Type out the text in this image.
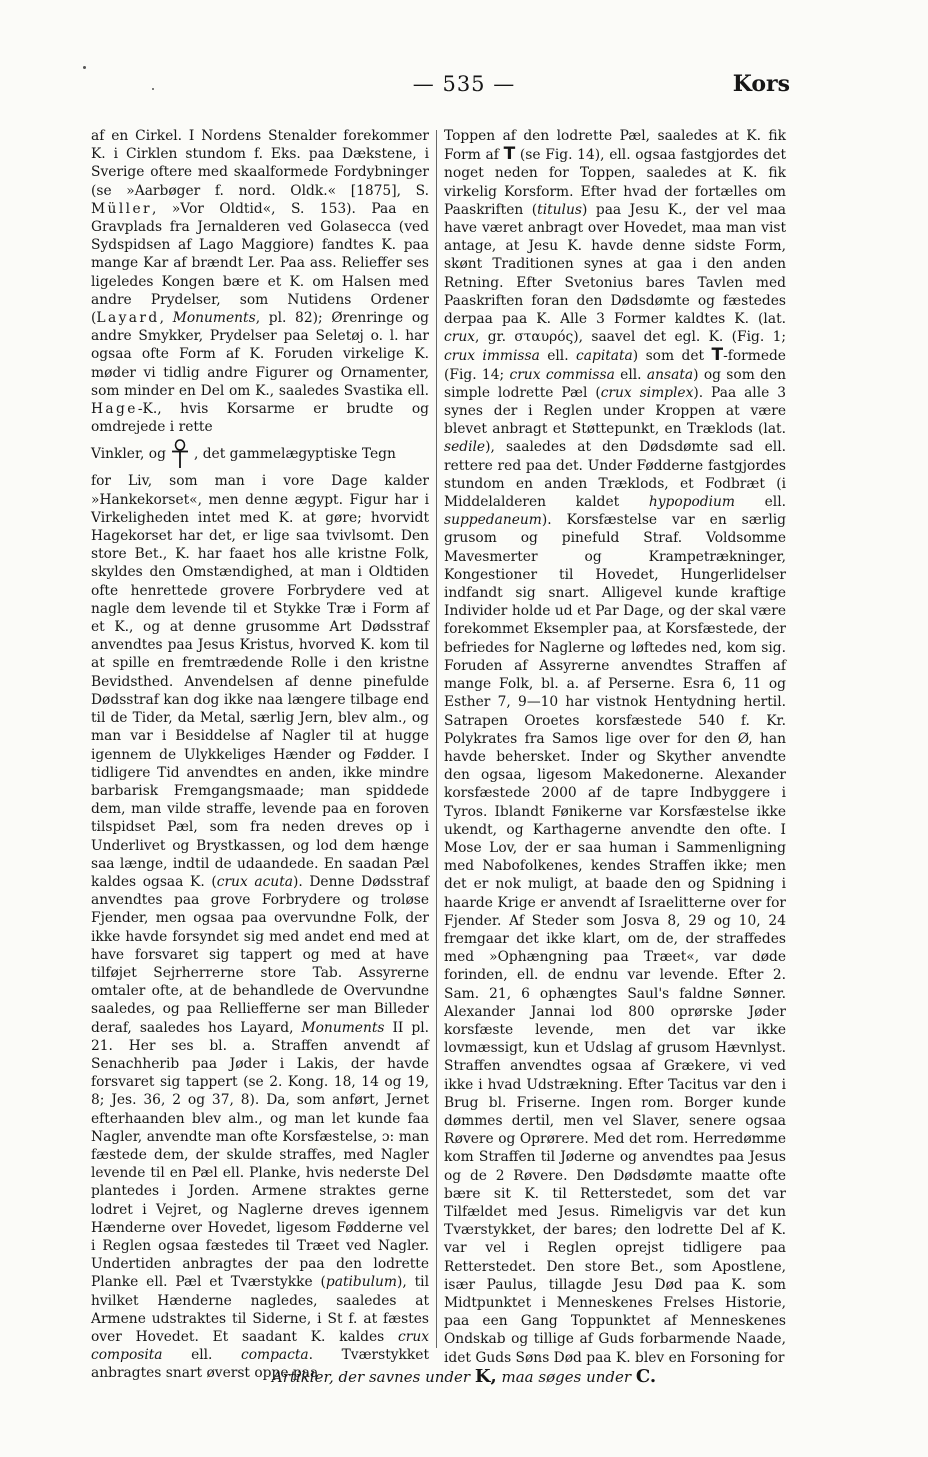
— 535 —	Kors

af en Cirkel. I Nordens Stenalder forekommer K. i Cirklen stundom f. Eks. paa Dækstene, i Sverige oftere med skaalformede Fordybninger (se »Aarbøger f. nord. Oldk.« [1875], S. Müller, »Vor Oldtid«, S. 153). Paa en Gravplads fra Jernalderen ved Golasecca (ved Sydspidsen af Lago Maggiore) fandtes K. paa mange Kar af brændt Ler. Paa ass. Relieffer ses ligeledes Kongen bære et K. om Halsen med andre Prydelser, som Nutidens Ordener (Layard, Monuments, pl. 82); Ørenringe og andre Smykker, Prydelser paa Seletøj o. l. har ogsaa ofte Form af K. Foruden virkelige K. møder vi tidlig andre Figurer og Ornamenter, som minder en Del om K., saaledes Svastika ell. Hage-K., hvis Korsarme er brudte og omdrejede i rette

Vinkler, og , det gammelægyptiske Tegn

for Liv, som man i vore Dage kalder »Hankekorset«, men denne ægypt. Figur har i Virkeligheden intet med K. at gøre; hvorvidt Hagekorset har det, er lige saa tvivlsomt. Den store Bet., K. har faaet hos alle kristne Folk, skyldes den Omstændighed, at man i Oldtiden ofte henrettede grovere Forbrydere ved at nagle dem levende til et Stykke Træ i Form af et K., og at denne grusomme Art Dødsstraf anvendtes paa Jesus Kristus, hvorved K. kom til at spille en fremtrædende Rolle i den kristne Bevidsthed. Anvendelsen af denne pinefulde Dødsstraf kan dog ikke naa længere tilbage end til de Tider, da Metal, særlig Jern, blev alm., og man var i Besiddelse af Nagler til at hugge igennem de Ulykkeliges Hænder og Fødder. I tidligere Tid anvendtes en anden, ikke mindre barbarisk Fremgangsmaade; man spiddede dem, man vilde straffe, levende paa en foroven tilspidset Pæl, som fra neden dreves op i Underlivet og Brystkassen, og lod dem hænge saa længe, indtil de udaandede. En saadan Pæl kaldes ogsaa K. (crux acuta). Denne Dødsstraf anvendtes paa grove Forbrydere og troløse Fjender, men ogsaa paa overvundne Folk, der ikke havde forsyndet sig med andet end med at have forsvaret sig tappert og med at have tilføjet Sejrherrerne store Tab. Assyrerne omtaler ofte, at de behandlede de Overvundne saaledes, og paa Relliefferne ser man Billeder deraf, saaledes hos Layard, Monuments II pl. 21. Her ses bl. a. Straffen anvendt af Senachherib paa Jøder i Lakis, der havde forsvaret sig tappert (se 2. Kong. 18, 14 og 19, 8; Jes. 36, 2 og 37, 8). Da, som anført, Jernet efterhaanden blev alm., og man let kunde faa Nagler, anvendte man ofte Korsfæstelse, ɔ: man fæstede dem, der skulde straffes, med Nagler levende til en Pæl ell. Planke, hvis nederste Del plantedes i Jorden. Armene straktes gerne lodret i Vejret, og Naglerne dreves igennem Hænderne over Hovedet, ligesom Fødderne vel i Reglen ogsaa fæstedes til Træet ved Nagler. Undertiden anbragtes der paa den lodrette Planke ell. Pæl et Tværstykke (patibulum), til hvilket Hænderne nagledes, saaledes at Armene udstraktes til Siderne, i St f. at fæstes over Hovedet. Et saadant K. kaldes crux composita ell. compacta. Tværstykket anbragtes snart øverst oppe paa

Toppen af den lodrette Pæl, saaledes at K. fik Form af T (se Fig. 14), ell. ogsaa fastgjordes det noget neden for Toppen, saaledes at K. fik virkelig Korsform. Efter hvad der fortælles om Paaskriften (titulus) paa Jesu K., der vel maa have været anbragt over Hovedet, maa man vist antage, at Jesu K. havde denne sidste Form, skønt Traditionen synes at gaa i den anden Retning. Efter Svetonius bares Tavlen med Paaskriften foran den Dødsdømte og fæstedes derpaa paa K. Alle 3 Former kaldtes K. (lat. crux, gr. σταυρός), saavel det egl. K. (Fig. 1; crux immissa ell. capitata) som det T-formede (Fig. 14; crux commissa ell. ansata) og som den simple lodrette Pæl (crux simplex). Paa alle 3 synes der i Reglen under Kroppen at være blevet anbragt et Støttepunkt, en Træklods (lat. sedile), saaledes at den Dødsdømte sad ell. rettere red paa det. Under Fødderne fastgjordes stundom en anden Træklods, et Fodbræt (i Middelalderen kaldet hypopodium ell. suppedaneum). Korsfæstelse var en særlig grusom og pinefuld Straf. Voldsomme Mavesmerter og Krampetrækninger, Kongestioner til Hovedet, Hungerlidelser indfandt sig snart. Alligevel kunde kraftige Individer holde ud et Par Dage, og der skal være forekommet Eksempler paa, at Korsfæstede, der befriedes for Naglerne og løftedes ned, kom sig. Foruden af Assyrerne anvendtes Straffen af mange Folk, bl. a. af Perserne. Esra 6, 11 og Esther 7, 9—10 har vistnok Hentydning hertil. Satrapen Oroetes korsfæstede 540 f. Kr. Polykrates fra Samos lige over for den Ø, han havde behersket. Inder og Skyther anvendte den ogsaa, ligesom Makedonerne. Alexander korsfæstede 2000 af de tapre Indbyggere i Tyros. Iblandt Fønikerne var Korsfæstelse ikke ukendt, og Karthagerne anvendte den ofte. I Mose Lov, der er saa human i Sammenligning med Nabofolkenes, kendes Straffen ikke; men det er nok muligt, at baade den og Spidning i haarde Krige er anvendt af Israelitterne over for Fjender. Af Steder som Josva 8, 29 og 10, 24 fremgaar det ikke klart, om de, der straffedes med »Ophængning paa Træet«, var døde forinden, ell. de endnu var levende. Efter 2. Sam. 21, 6 ophængtes Saul's faldne Sønner. Alexander Jannai lod 800 oprørske Jøder korsfæste levende, men det var ikke lovmæssigt, kun et Udslag af grusom Hævnlyst. Straffen anvendtes ogsaa af Grækere, vi ved ikke i hvad Udstrækning. Efter Tacitus var den i Brug bl. Friserne. Ingen rom. Borger kunde dømmes dertil, men vel Slaver, senere ogsaa Røvere og Oprørere. Med det rom. Herredømme kom Straffen til Jøderne og anvendtes paa Jesus og de 2 Røvere. Den Dødsdømte maatte ofte bære sit K. til Retterstedet, som det var Tilfældet med Jesus. Rimeligvis var det kun Tværstykket, der bares; den lodrette Del af K. var vel i Reglen oprejst tidligere paa Retterstedet. Den store Bet., som Apostlene, især Paulus, tillagde Jesu Død paa K. som Midtpunktet i Menneskenes Frelses Historie, paa een Gang Toppunktet af Menneskenes Ondskab og tillige af Guds forbarmende Naade, idet Guds Søns Død paa K. blev en Forsoning for

Artikler, der savnes under K, maa søges under C.
